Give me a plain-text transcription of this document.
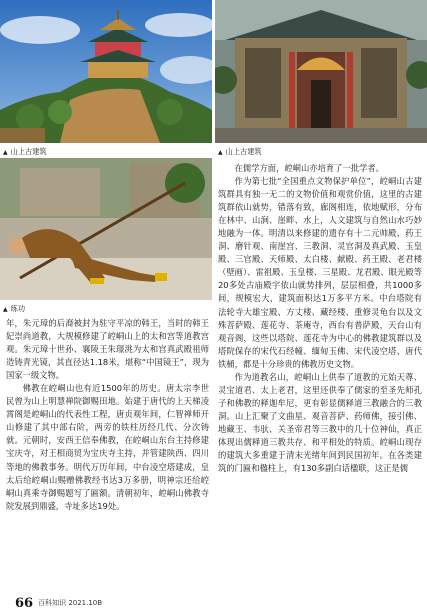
▲ 山上古建筑	▲ 山上古建筑
▲ 练功

年，朱元璋的后裔被封为驻守平凉的韩王，当时的韩王妃崇尚道教，大规模修建了崆峒山上的太和宫等道教宫观。朱元璋十世孙、襄陵王朱璟洮为太和宫真武殿祖师造铸青光镜，其直径达1.18米，堪称“中国镜王”，现为国家一级文物。

佛教在崆峒山也有近1500年的历史。唐太宗李世民曾为山上明慧禅院御赐田地。始建于唐代的上天梯凌霄阁是崆峒山的代表性工程，唐贞观年间，仁智禅师开山修建了其中部右阶，两旁的铁柱历经几代、分次铸就。元朝时，安西王信奉佛教，在崆峒山东台主持修建宝庆寺，对王相商贸为宝庆寺主持，并管建陕西、四川等地的佛教事务。明代万历年间，中台凌空塔建成，皇太后给崆峒山赐赠佛教经书达3万多册，明神宗还给崆峒山真乘寺御赐题写了匾额。清朝初年，崆峒山佛教寺院发展到鼎盛，寺址多达19处。

在儒学方面，崆峒山亦培育了一批学者。

作为第七批“全国重点文物保护单位”，崆峒山古建筑群具有独一无二的文物价值和观赏价值，这里的古建筑群依山就势，错落有致，廊阁相连，依地赋形，分布在林中、山涧、崖畔、水上，人文建筑与自然山水巧妙地融为一体。明清以来修建的遗存有十二元帅殿、药王洞、磨针观、南崖宫、三教洞、灵官洞及真武殿、玉皇殿、三官殿、天师殿、太白楼、献殿、药王殿、老君楼（壁画）、雷祖殿、玉皇楼、三星殿、龙君殿、眼光殿等20多处古庙殿宇依山就势排列，层层相叠，共1000多间，规模宏大，建筑面积达1万多平方米。中台塔院有法轮寺大雄宝殿、方丈楼、藏经楼、重修灵龟台以及文殊菩萨殿、莲花寺、茶庵寺，西台有普萨殿，天台山有观音阁，这些以塔院、莲花寺为中心的佛教建筑群以及塔院保存的宋代石经幢、缅甸玉佛、宋代凌空塔、唐代铁桶，都是十分珍贵的佛教历史文物。

作为道教名山，崆峒山上供奉了道教的元始天尊、灵宝道君、太上老君，这里还供奉了儒家的至圣先师孔子和佛教的释迦牟尼，更有彰显儒释道三教融合的三教洞。山上汇聚了文曲星、观音菩萨、药师佛，接引佛、地藏王、韦驮、关圣帝君等三教中的几十位神仙，真正体现出儒释道三教共存、和平相处的特质。崆峒山现存的建筑大多重建于清末光绪年间到民国初年。在各类建筑的门匾和楹柱上，有130多副白话楹联，这正是儒

66 百科知识 2021.10B
